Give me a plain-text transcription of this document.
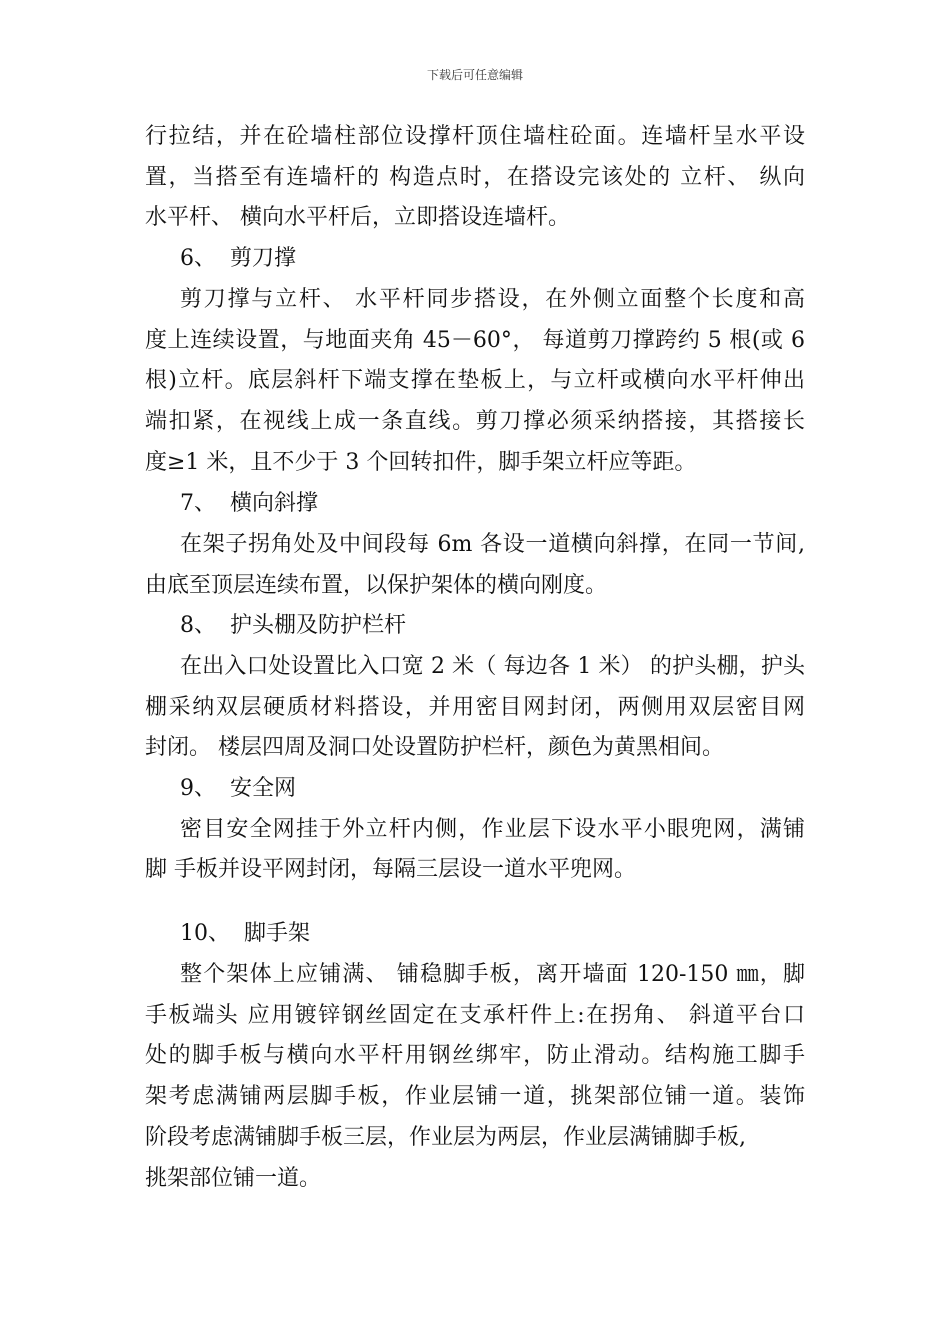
下载后可任意编辑
行拉结，并在砼墙柱部位设撑杆顶住墙柱砼面。连墙杆呈水平设
置，当搭至有连墙杆的 构造点时，在搭设完该处的 立杆、 纵向
水平杆、 横向水平杆后，立即搭设连墙杆。
6、  剪刀撑
剪刀撑与立杆、 水平杆同步搭设，在外侧立面整个长度和高
度上连续设置，与地面夹角 45－60°， 每道剪刀撑跨约 5 根(或 6
根)立杆。底层斜杆下端支撑在垫板上，与立杆或横向水平杆伸出
端扣紧，在视线上成一条直线。剪刀撑必须采纳搭接，其搭接长
度≥1 米，且不少于 3 个回转扣件，脚手架立杆应等距。
7、  横向斜撑
在架子拐角处及中间段每 6m 各设一道横向斜撑，在同一节间,
由底至顶层连续布置，以保护架体的横向刚度。
8、  护头棚及防护栏杆
在出入口处设置比入口宽 2 米（ 每边各 1 米） 的护头棚，护头
棚采纳双层硬质材料搭设，并用密目网封闭，两侧用双层密目网
封闭。 楼层四周及洞口处设置防护栏杆，颜色为黄黑相间。
9、  安全网
密目安全网挂于外立杆内侧，作业层下设水平小眼兜网，满铺
脚 手板并设平网封闭，每隔三层设一道水平兜网。
10、  脚手架
整个架体上应铺满、 铺稳脚手板，离开墙面 120-150 ㎜，脚
手板端头 应用镀锌钢丝固定在支承杆件上:在拐角、 斜道平台口
处的脚手板与横向水平杆用钢丝绑牢，防止滑动。结构施工脚手
架考虑满铺两层脚手板，作业层铺一道，挑架部位铺一道。装饰
阶段考虑满铺脚手板三层，作业层为两层，作业层满铺脚手板,
挑架部位铺一道。
